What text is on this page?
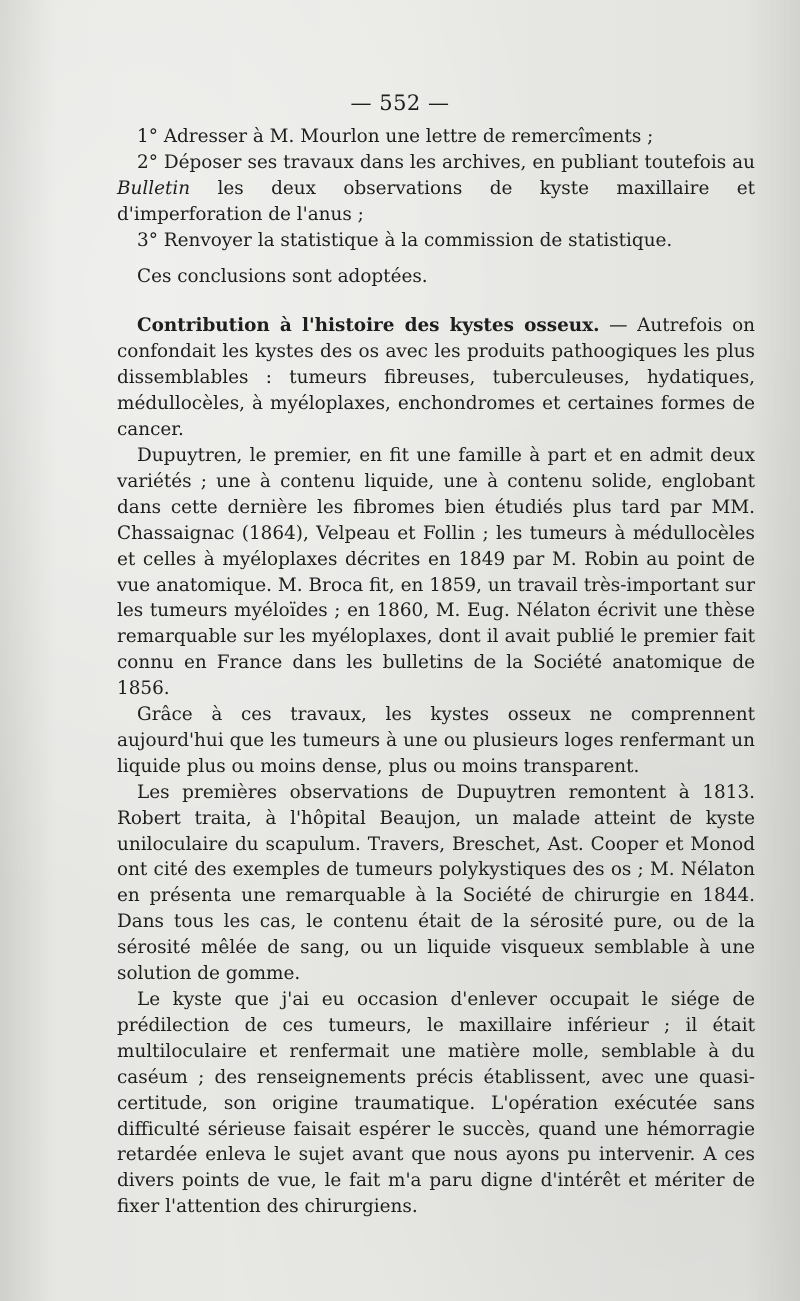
— 552 —

1° Adresser à M. Mourlon une lettre de remercîments ;

2° Déposer ses travaux dans les archives, en publiant toutefois au Bulletin les deux observations de kyste maxillaire et d'imperforation de l'anus ;

3° Renvoyer la statistique à la commission de statistique.

Ces conclusions sont adoptées.

Contribution à l'histoire des kystes osseux. — Autrefois on confondait les kystes des os avec les produits pathoogiques les plus dissemblables : tumeurs fibreuses, tuberculeuses, hydatiques, médullocèles, à myéloplaxes, enchondromes et certaines formes de cancer.

Dupuytren, le premier, en fit une famille à part et en admit deux variétés ; une à contenu liquide, une à contenu solide, englobant dans cette dernière les fibromes bien étudiés plus tard par MM. Chassaignac (1864), Velpeau et Follin ; les tumeurs à médullocèles et celles à myéloplaxes décrites en 1849 par M. Robin au point de vue anatomique. M. Broca fit, en 1859, un travail très-important sur les tumeurs myéloïdes ; en 1860, M. Eug. Nélaton écrivit une thèse remarquable sur les myéloplaxes, dont il avait publié le premier fait connu en France dans les bulletins de la Société anatomique de 1856.

Grâce à ces travaux, les kystes osseux ne comprennent aujourd'hui que les tumeurs à une ou plusieurs loges renfermant un liquide plus ou moins dense, plus ou moins transparent.

Les premières observations de Dupuytren remontent à 1813. Robert traita, à l'hôpital Beaujon, un malade atteint de kyste uniloculaire du scapulum. Travers, Breschet, Ast. Cooper et Monod ont cité des exemples de tumeurs polykystiques des os ; M. Nélaton en présenta une remarquable à la Société de chirurgie en 1844. Dans tous les cas, le contenu était de la sérosité pure, ou de la sérosité mêlée de sang, ou un liquide visqueux semblable à une solution de gomme.

Le kyste que j'ai eu occasion d'enlever occupait le siége de prédilection de ces tumeurs, le maxillaire inférieur ; il était multiloculaire et renfermait une matière molle, semblable à du caséum ; des renseignements précis établissent, avec une quasi-certitude, son origine traumatique. L'opération exécutée sans difficulté sérieuse faisait espérer le succès, quand une hémorragie retardée enleva le sujet avant que nous ayons pu intervenir. A ces divers points de vue, le fait m'a paru digne d'intérêt et mériter de fixer l'attention des chirurgiens.
